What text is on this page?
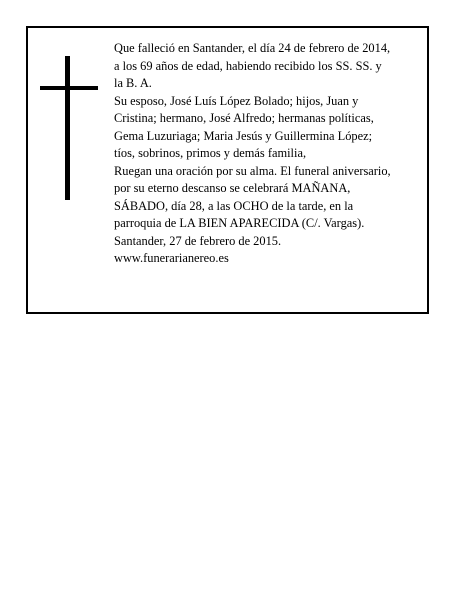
Que falleció en Santander, el día 24 de febrero de 2014,
a los 69 años de edad, habiendo recibido los SS. SS. y
la B. A.
Su esposo, José Luís López Bolado; hijos, Juan y
Cristina; hermano, José Alfredo; hermanas políticas,
Gema Luzuriaga; Maria Jesús y Guillermina López;
tíos, sobrinos, primos y demás familia,
Ruegan una oración por su alma. El funeral aniversario,
por su eterno descanso se celebrará MAÑANA,
SÁBADO, día 28, a las OCHO de la tarde, en la
parroquia de LA BIEN APARECIDA (C/. Vargas).
Santander, 27 de febrero de 2015.
www.funerarianereo.es
